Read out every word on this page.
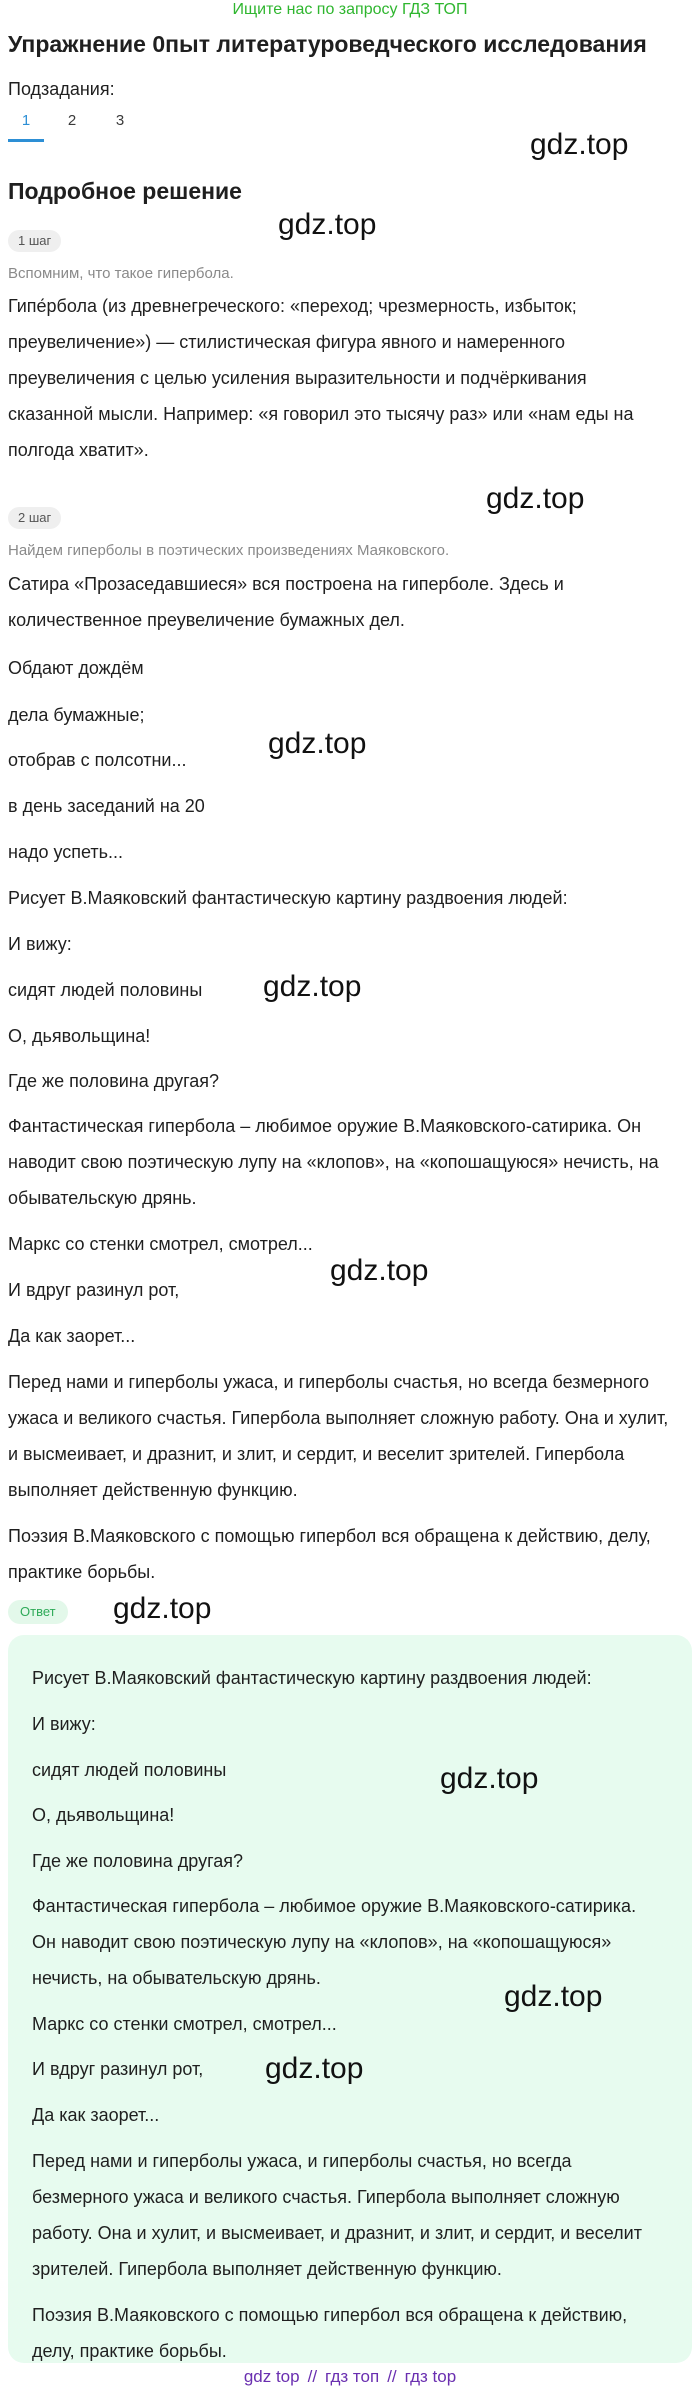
Ищите нас по запросу ГДЗ ТОП
Упражнение 0пыт литературоведческого исследования
Подзадания:
1	2	3
gdz.top
Подробное решение
gdz.top
1 шаг
Вспомним, что такое гипербола.
Гипе́рбола (из древнегреческого: «переход; чрезмерность, избыток;
преувеличение») — стилистическая фигура явного и намеренного
преувеличения с целью усиления выразительности и подчёркивания
сказанной мысли. Например: «я говорил это тысячу раз» или «нам еды на
полгода хватит».
gdz.top
2 шаг
Найдем гиперболы в поэтических произведениях Маяковского.
Сатира «Прозаседавшиеся» вся построена на гиперболе. Здесь и
количественное преувеличение бумажных дел.
Обдают дождём
дела бумажные;
отобрав с полсотни...
в день заседаний на 20
надо успеть...
Рисует В.Маяковский фантастическую картину раздвоения людей:
И вижу:
сидят людей половины
О, дьявольщина!
Где же половина другая?
Фантастическая гипербола – любимое оружие В.Маяковского-сатирика. Он
наводит свою поэтическую лупу на «клопов», на «копошащуюся» нечисть, на
обывательскую дрянь.
Маркс со стенки смотрел, смотрел...
И вдруг разинул рот,
Да как заорет...
Перед нами и гиперболы ужаса, и гиперболы счастья, но всегда безмерного
ужаса и великого счастья. Гипербола выполняет сложную работу. Она и хулит,
и высмеивает, и дразнит, и злит, и сердит, и веселит зрителей. Гипербола
выполняет действенную функцию.
Поэзия В.Маяковского с помощью гипербол вся обращена к действию, делу,
практике борьбы.
gdz.top
gdz.top
gdz.top
Ответ	gdz.top
Рисует В.Маяковский фантастическую картину раздвоения людей:
И вижу:
сидят людей половины
О, дьявольщина!
Где же половина другая?
Фантастическая гипербола – любимое оружие В.Маяковского-сатирика.
Он наводит свою поэтическую лупу на «клопов», на «копошащуюся»
нечисть, на обывательскую дрянь.
Маркс со стенки смотрел, смотрел...
И вдруг разинул рот,
Да как заорет...
Перед нами и гиперболы ужаса, и гиперболы счастья, но всегда
безмерного ужаса и великого счастья. Гипербола выполняет сложную
работу. Она и хулит, и высмеивает, и дразнит, и злит, и сердит, и веселит
зрителей. Гипербола выполняет действенную функцию.
Поэзия В.Маяковского с помощью гипербол вся обращена к действию,
делу, практике борьбы.
gdz.top
gdz.top
gdz.top
gdz top // гдз топ // гдз top
